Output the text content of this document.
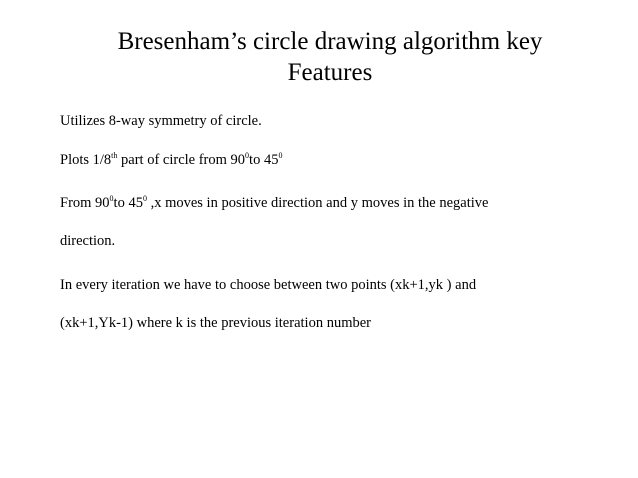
Bresenham’s circle drawing algorithm key
Features

Utilizes 8-way symmetry of circle.

Plots 1/8th part of circle from $90^0to$ $45^0$

From $90^0to$ $45^0$ ,x moves in positive direction and y moves in the negative

direction.

In every iteration we have to choose between two points (xk+1,yk ) and

(xk+1,Yk-1) where k is the previous iteration number
